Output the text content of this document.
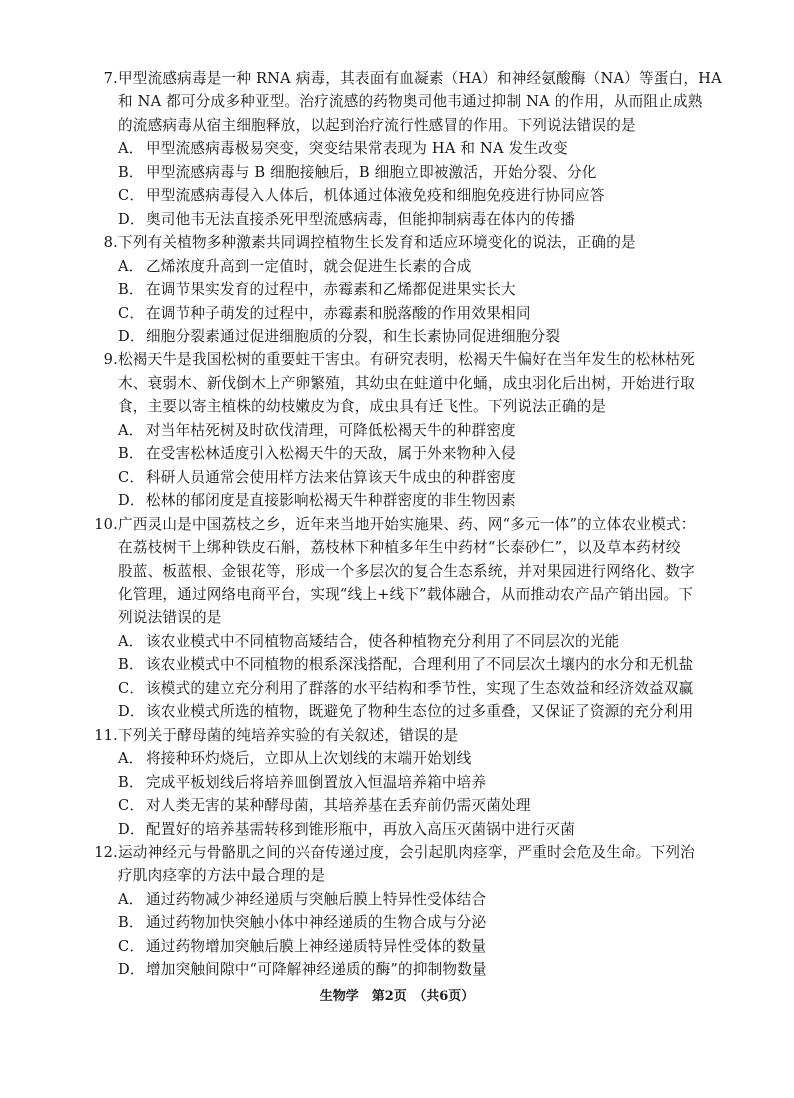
7. 甲型流感病毒是一种 RNA 病毒，其表面有血凝素（HA）和神经氨酸酶（NA）等蛋白，HA
和 NA 都可分成多种亚型。治疗流感的药物奥司他韦通过抑制 NA 的作用，从而阻止成熟
的流感病毒从宿主细胞释放，以起到治疗流行性感冒的作用。下列说法错误的是
A． 甲型流感病毒极易突变，突变结果常表现为 HA 和 NA 发生改变
B． 甲型流感病毒与 B 细胞接触后，B 细胞立即被激活，开始分裂、分化
C． 甲型流感病毒侵入人体后，机体通过体液免疫和细胞免疫进行协同应答
D． 奥司他韦无法直接杀死甲型流感病毒，但能抑制病毒在体内的传播
8. 下列有关植物多种激素共同调控植物生长发育和适应环境变化的说法，正确的是
A． 乙烯浓度升高到一定值时，就会促进生长素的合成
B． 在调节果实发育的过程中，赤霉素和乙烯都促进果实长大
C． 在调节种子萌发的过程中，赤霉素和脱落酸的作用效果相同
D． 细胞分裂素通过促进细胞质的分裂，和生长素协同促进细胞分裂
9. 松褐天牛是我国松树的重要蛀干害虫。有研究表明，松褐天牛偏好在当年发生的松林枯死
木、衰弱木、新伐倒木上产卵繁殖，其幼虫在蛀道中化蛹，成虫羽化后出树，开始进行取
食，主要以寄主植株的幼枝嫩皮为食，成虫具有迁飞性。下列说法正确的是
A． 对当年枯死树及时砍伐清理，可降低松褐天牛的种群密度
B． 在受害松林适度引入松褐天牛的天敌，属于外来物种入侵
C． 科研人员通常会使用样方法来估算该天牛成虫的种群密度
D． 松林的郁闭度是直接影响松褐天牛种群密度的非生物因素
10. 广西灵山是中国荔枝之乡，近年来当地开始实施果、药、网“多元一体”的立体农业模式：
在荔枝树干上绑种铁皮石斛，荔枝林下种植多年生中药材“长泰砂仁”，以及草本药材绞
股蓝、板蓝根、金银花等，形成一个多层次的复合生态系统，并对果园进行网络化、数字
化管理，通过网络电商平台，实现“线上+线下”载体融合，从而推动农产品产销出园。下
列说法错误的是
A． 该农业模式中不同植物高矮结合，使各种植物充分利用了不同层次的光能
B． 该农业模式中不同植物的根系深浅搭配，合理利用了不同层次土壤内的水分和无机盐
C． 该模式的建立充分利用了群落的水平结构和季节性，实现了生态效益和经济效益双赢
D． 该农业模式所选的植物，既避免了物种生态位的过多重叠，又保证了资源的充分利用
11. 下列关于酵母菌的纯培养实验的有关叙述，错误的是
A． 将接种环灼烧后，立即从上次划线的末端开始划线
B． 完成平板划线后将培养皿倒置放入恒温培养箱中培养
C． 对人类无害的某种酵母菌，其培养基在丢弃前仍需灭菌处理
D． 配置好的培养基需转移到锥形瓶中，再放入高压灭菌锅中进行灭菌
12. 运动神经元与骨骼肌之间的兴奋传递过度，会引起肌肉痉挛，严重时会危及生命。下列治
疗肌肉痉挛的方法中最合理的是
A． 通过药物减少神经递质与突触后膜上特异性受体结合
B． 通过药物加快突触小体中神经递质的生物合成与分泌
C． 通过药物增加突触后膜上神经递质特异性受体的数量
D． 增加突触间隙中“可降解神经递质的酶”的抑制物数量
生物学　第2页　（共6页）
